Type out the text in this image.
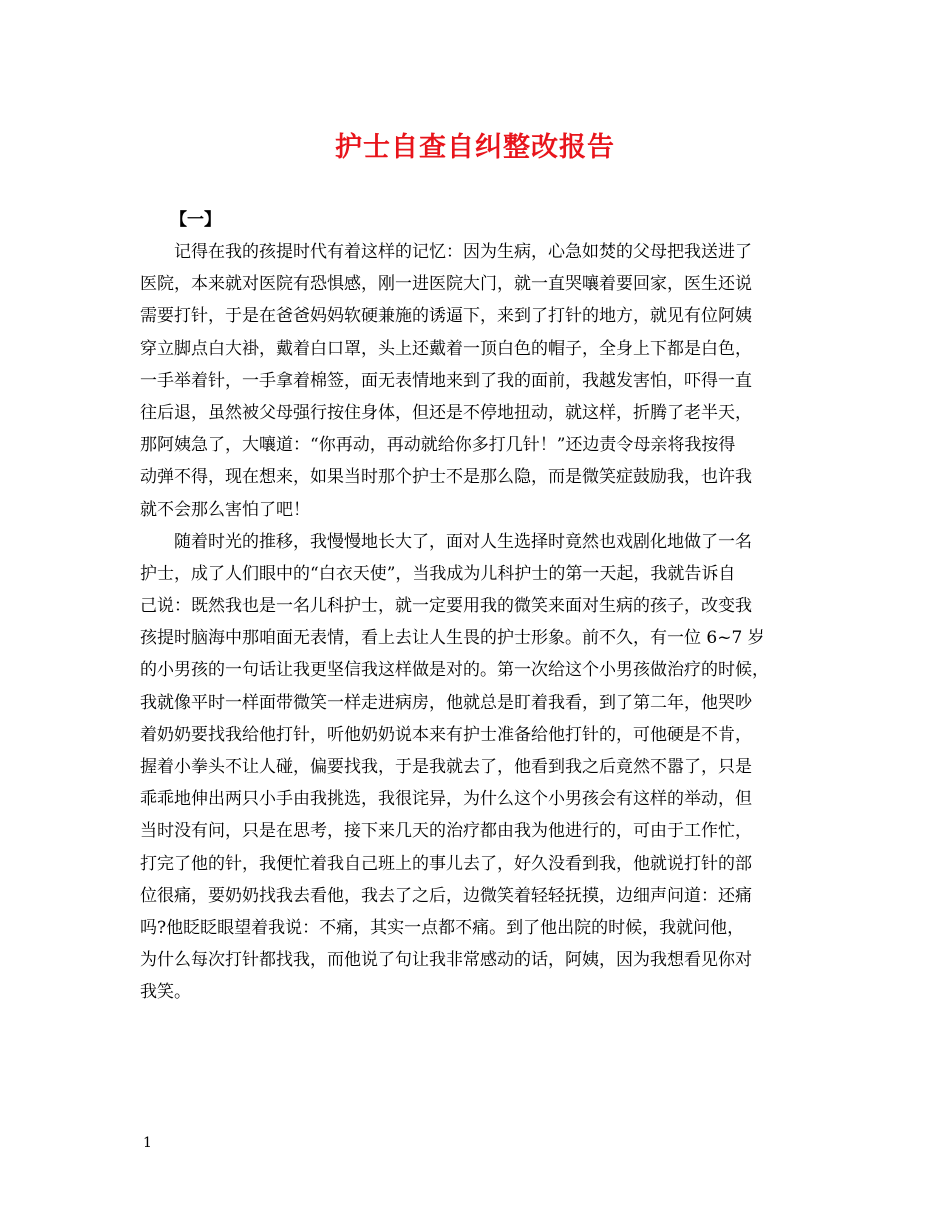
护士自查自纠整改报告
【一】
记得在我的孩提时代有着这样的记忆：因为生病，心急如焚的父母把我送进了
医院，本来就对医院有恐惧感，刚一进医院大门，就一直哭嚷着要回家，医生还说
需要打针，于是在爸爸妈妈软硬兼施的诱逼下，来到了打针的地方，就见有位阿姨
穿立脚点白大褂，戴着白口罩，头上还戴着一顶白色的帽子，全身上下都是白色，
一手举着针，一手拿着棉签，面无表情地来到了我的面前，我越发害怕，吓得一直
往后退，虽然被父母强行按住身体，但还是不停地扭动，就这样，折腾了老半天，
那阿姨急了，大嚷道：“你再动，再动就给你多打几针！”还边责令母亲将我按得
动弹不得，现在想来，如果当时那个护士不是那么隐，而是微笑症鼓励我，也许我
就不会那么害怕了吧！
随着时光的推移，我慢慢地长大了，面对人生选择时竟然也戏剧化地做了一名
护士，成了人们眼中的“白衣天使”，当我成为儿科护士的第一天起，我就告诉自
己说：既然我也是一名儿科护士，就一定要用我的微笑来面对生病的孩子，改变我
孩提时脑海中那咱面无表情，看上去让人生畏的护士形象。前不久，有一位 6~7 岁
的小男孩的一句话让我更坚信我这样做是对的。第一次给这个小男孩做治疗的时候，
我就像平时一样面带微笑一样走进病房，他就总是盯着我看，到了第二年，他哭吵
着奶奶要找我给他打针，听他奶奶说本来有护士准备给他打针的，可他硬是不肯，
握着小拳头不让人碰，偏要找我，于是我就去了，他看到我之后竟然不嚣了，只是
乖乖地伸出两只小手由我挑选，我很诧异，为什么这个小男孩会有这样的举动，但
当时没有问，只是在思考，接下来几天的治疗都由我为他进行的，可由于工作忙，
打完了他的针，我便忙着我自己班上的事儿去了，好久没看到我，他就说打针的部
位很痛，要奶奶找我去看他，我去了之后，边微笑着轻轻抚摸，边细声问道：还痛
吗?他眨眨眼望着我说：不痛，其实一点都不痛。到了他出院的时候，我就问他，
为什么每次打针都找我，而他说了句让我非常感动的话，阿姨，因为我想看见你对
我笑。
1
